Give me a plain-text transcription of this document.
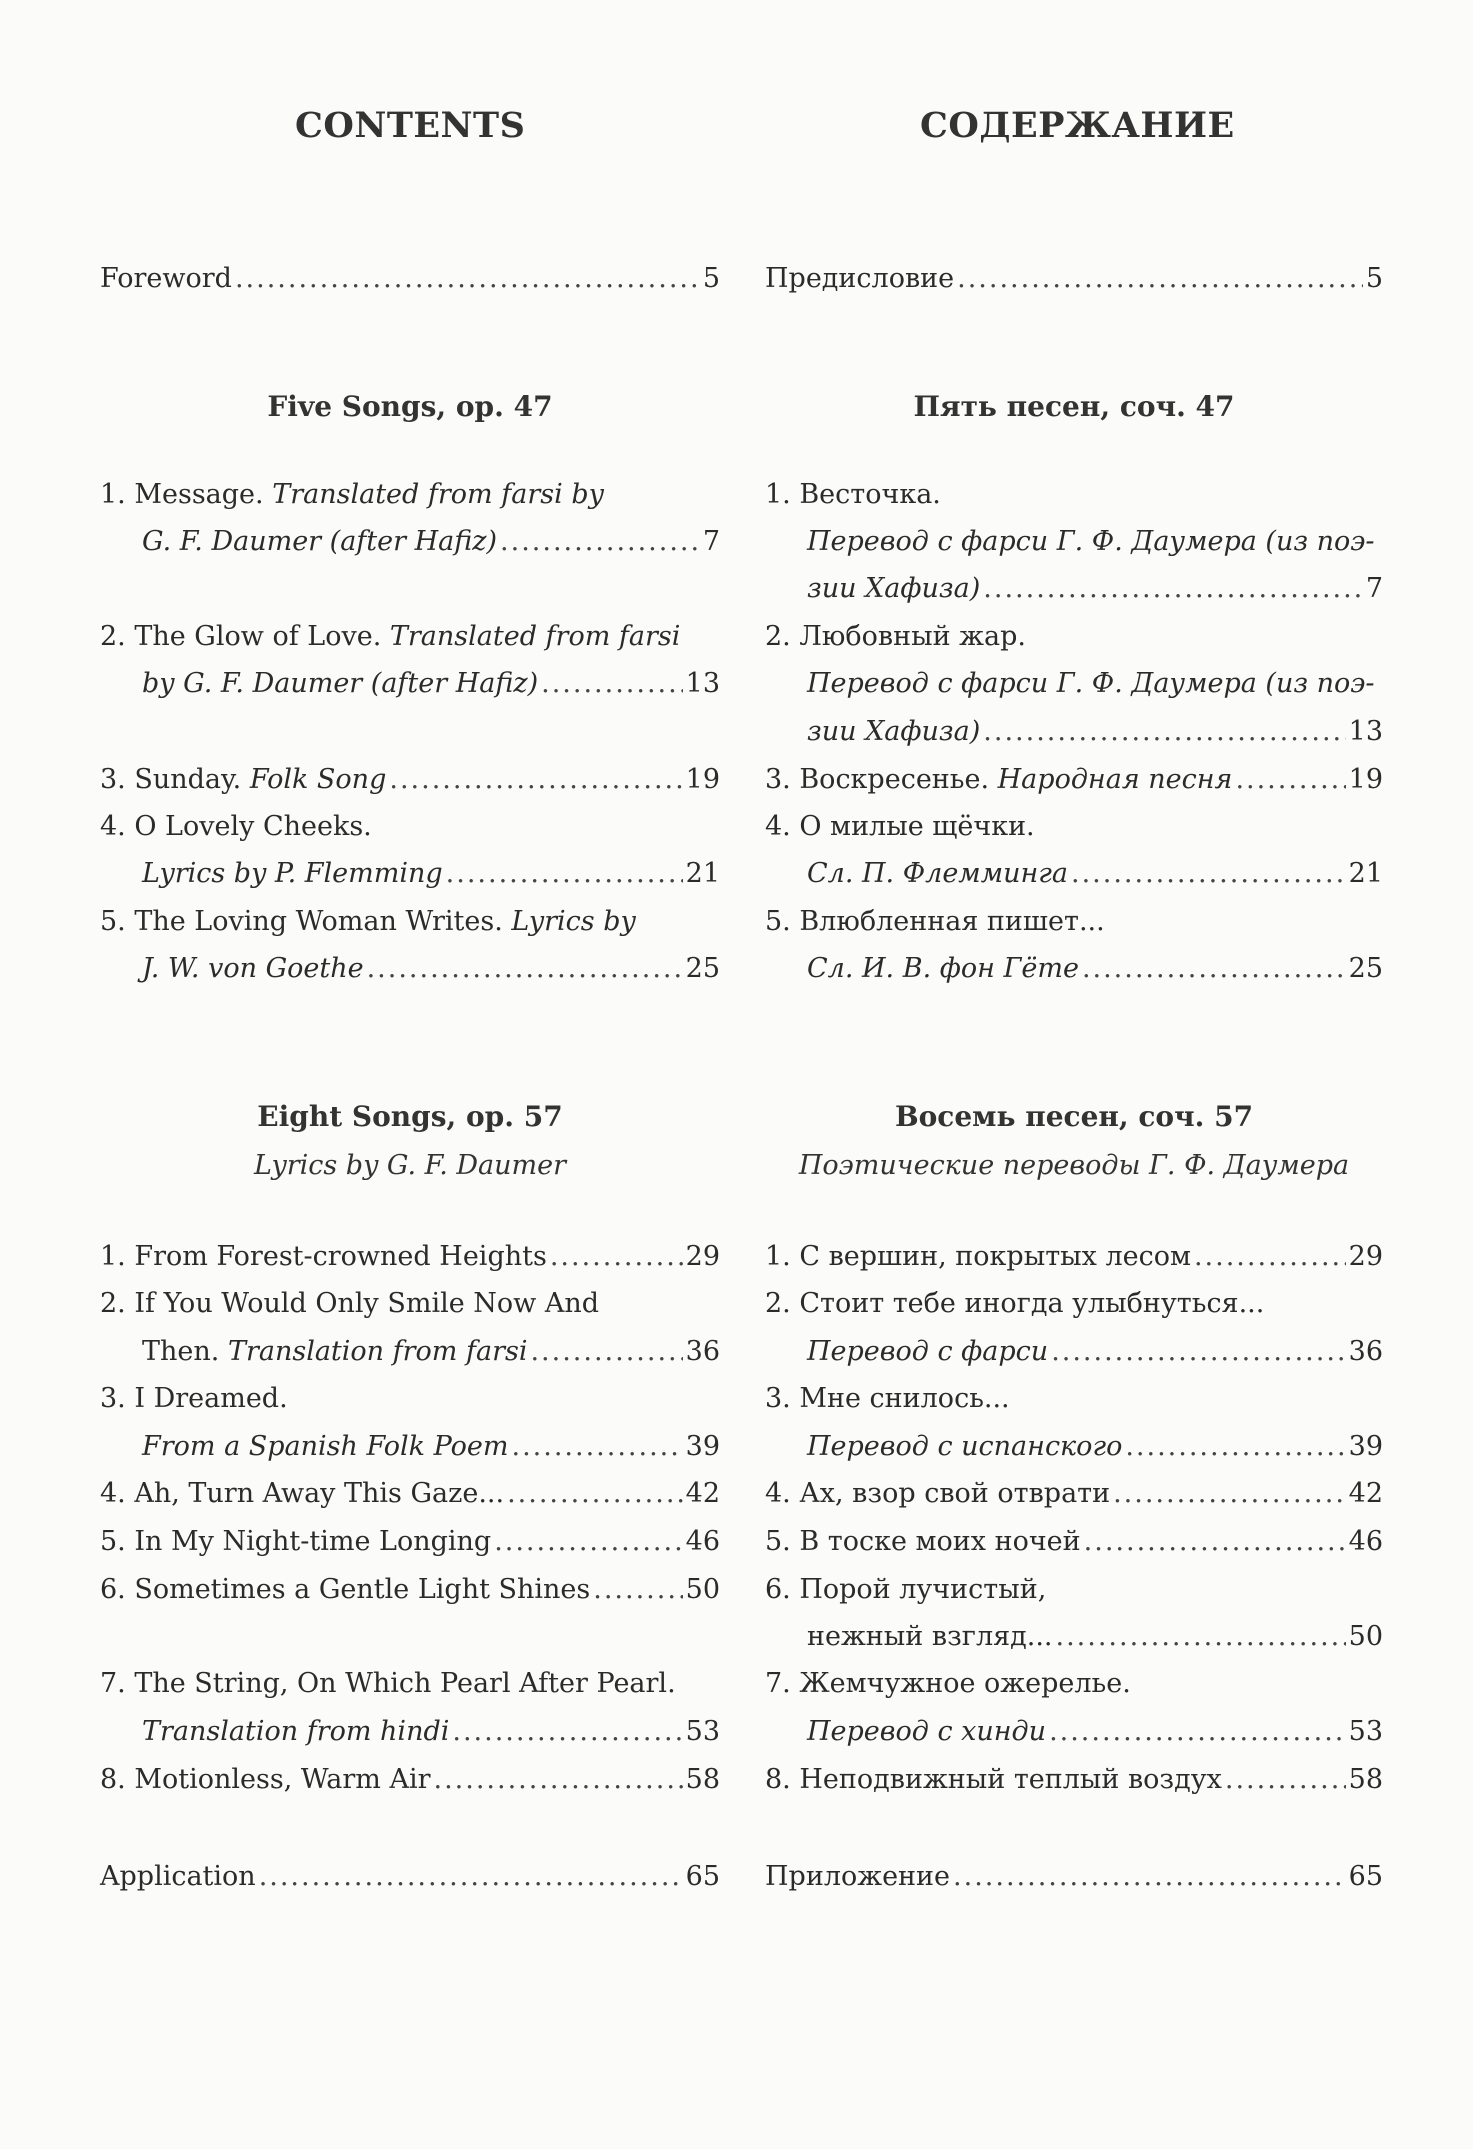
CONTENTS
Foreword .....	5
Five Songs, op. 47
1. Message. Translated from farsi by
G. F. Daumer (after Hafiz) .....	7
2. The Glow of Love. Translated from farsi
by G. F. Daumer (after Hafiz) .....	13
3. Sunday. Folk Song .....	19
4. O Lovely Cheeks.
Lyrics by P. Flemming .....	21
5. The Loving Woman Writes. Lyrics by
J. W. von Goethe .....	25
Eight Songs, op. 57
Lyrics by G. F. Daumer
1. From Forest-crowned Heights .....	29
2. If You Would Only Smile Now And
Then. Translation from farsi .....	36
3. I Dreamed.
From a Spanish Folk Poem .....	39
4. Ah, Turn Away This Gaze... .....	42
5. In My Night-time Longing .....	46
6. Sometimes a Gentle Light Shines .....	50
7. The String, On Which Pearl After Pearl.
Translation from hindi .....	53
8. Motionless, Warm Air .....	58
Application .....	65
СОДЕРЖАНИЕ
Предисловие .....	5
Пять песен, соч. 47
1. Весточка.
Перевод с фарси Г. Ф. Даумера (из поэ-
зии Хафиза) .....	7
2. Любовный жар.
Перевод с фарси Г. Ф. Даумера (из поэ-
зии Хафиза) .....	13
3. Воскресенье. Народная песня .....	19
4. О милые щёчки.
Сл. П. Флемминга .....	21
5. Влюбленная пишет...
Сл. И. В. фон Гёте .....	25
Восемь песен, соч. 57
Поэтические переводы Г. Ф. Даумера
1. С вершин, покрытых лесом .....	29
2. Стоит тебе иногда улыбнуться...
Перевод с фарси .....	36
3. Мне снилось...
Перевод с испанского .....	39
4. Ах, взор свой отврати .....	42
5. В тоске моих ночей .....	46
6. Порой лучистый,
нежный взгляд... .....	50
7. Жемчужное ожерелье.
Перевод с хинди .....	53
8. Неподвижный теплый воздух .....	58
Приложение .....	65
